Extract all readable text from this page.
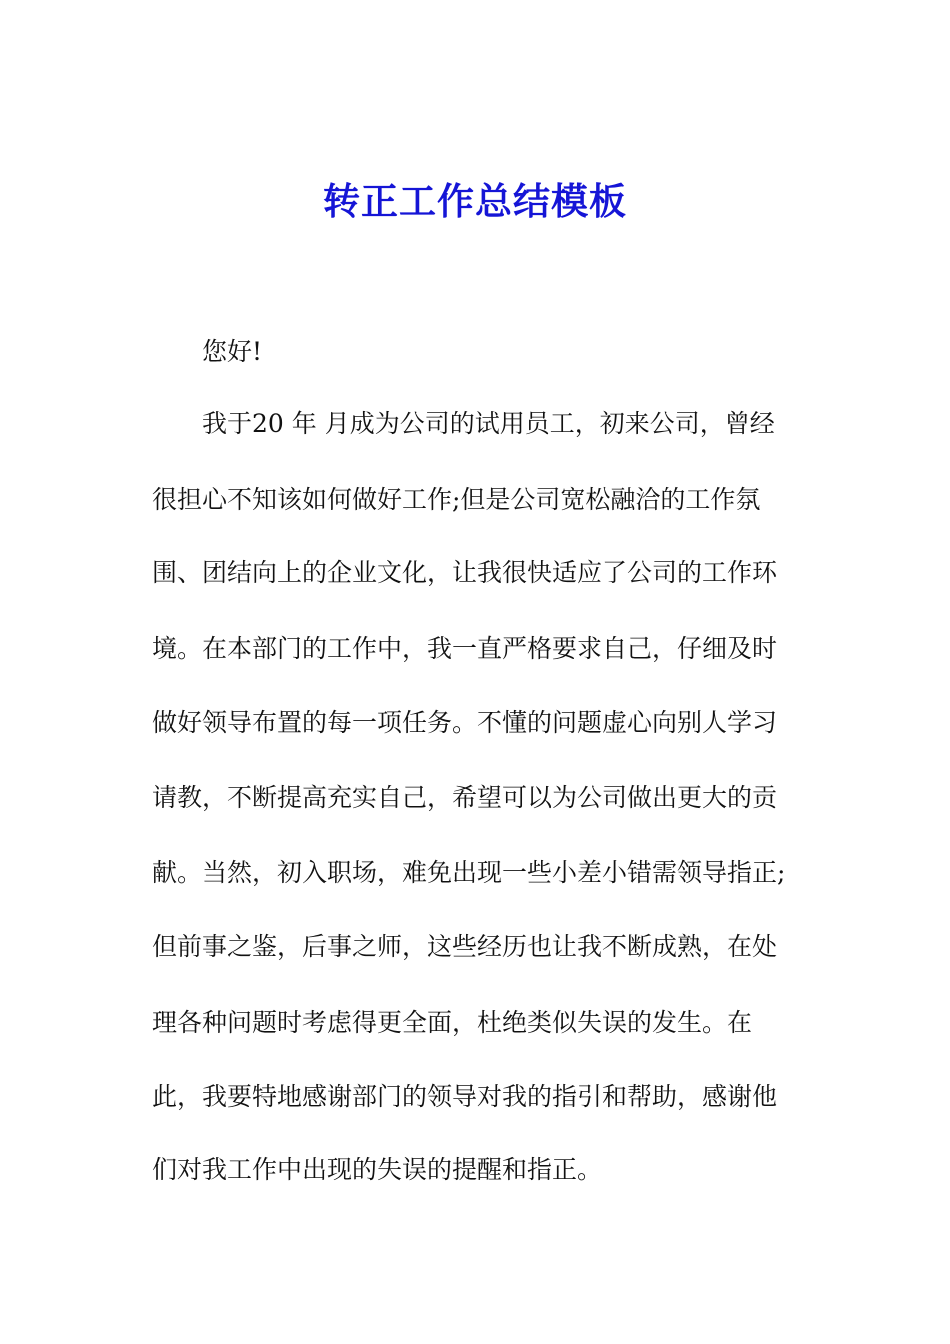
转正工作总结模板

您好!

我于20 年 月成为公司的试用员工，初来公司，曾经

很担心不知该如何做好工作;但是公司宽松融洽的工作氛

围、团结向上的企业文化，让我很快适应了公司的工作环

境。在本部门的工作中，我一直严格要求自己，仔细及时

做好领导布置的每一项任务。不懂的问题虚心向别人学习

请教，不断提高充实自己，希望可以为公司做出更大的贡

献。当然，初入职场，难免出现一些小差小错需领导指正;

但前事之鉴，后事之师，这些经历也让我不断成熟，在处

理各种问题时考虑得更全面，杜绝类似失误的发生。在

此，我要特地感谢部门的领导对我的指引和帮助，感谢他

们对我工作中出现的失误的提醒和指正。
